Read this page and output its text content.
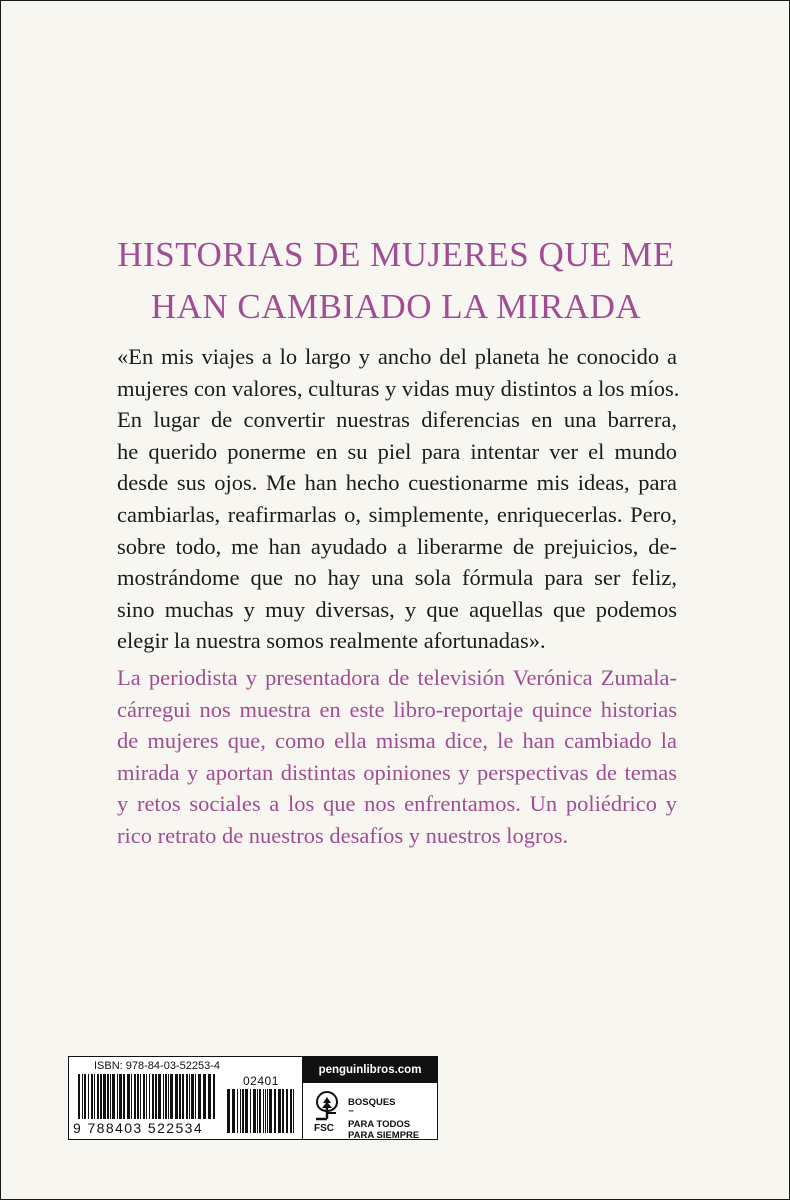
HISTORIAS DE MUJERES QUE ME
HAN CAMBIADO LA MIRADA
«En mis viajes a lo largo y ancho del planeta he conocido a
mujeres con valores, culturas y vidas muy distintos a los míos.
En lugar de convertir nuestras diferencias en una barrera,
he querido ponerme en su piel para intentar ver el mundo
desde sus ojos. Me han hecho cuestionarme mis ideas, para
cambiarlas, reafirmarlas o, simplemente, enriquecerlas. Pero,
sobre todo, me han ayudado a liberarme de prejuicios, de-
mostrándome que no hay una sola fórmula para ser feliz,
sino muchas y muy diversas, y que aquellas que podemos
elegir la nuestra somos realmente afortunadas».
La periodista y presentadora de televisión Verónica Zumala-
cárregui nos muestra en este libro-reportaje quince historias
de mujeres que, como ella misma dice, le han cambiado la
mirada y aportan distintas opiniones y perspectivas de temas
y retos sociales a los que nos enfrentamos. Un poliédrico y
rico retrato de nuestros desafíos y nuestros logros.
ISBN: 978-84-03-52253-4
9 788403 522534
02401
penguinlibros.com
FSC
BOSQUES
™
PARA TODOS
PARA SIEMPRE
